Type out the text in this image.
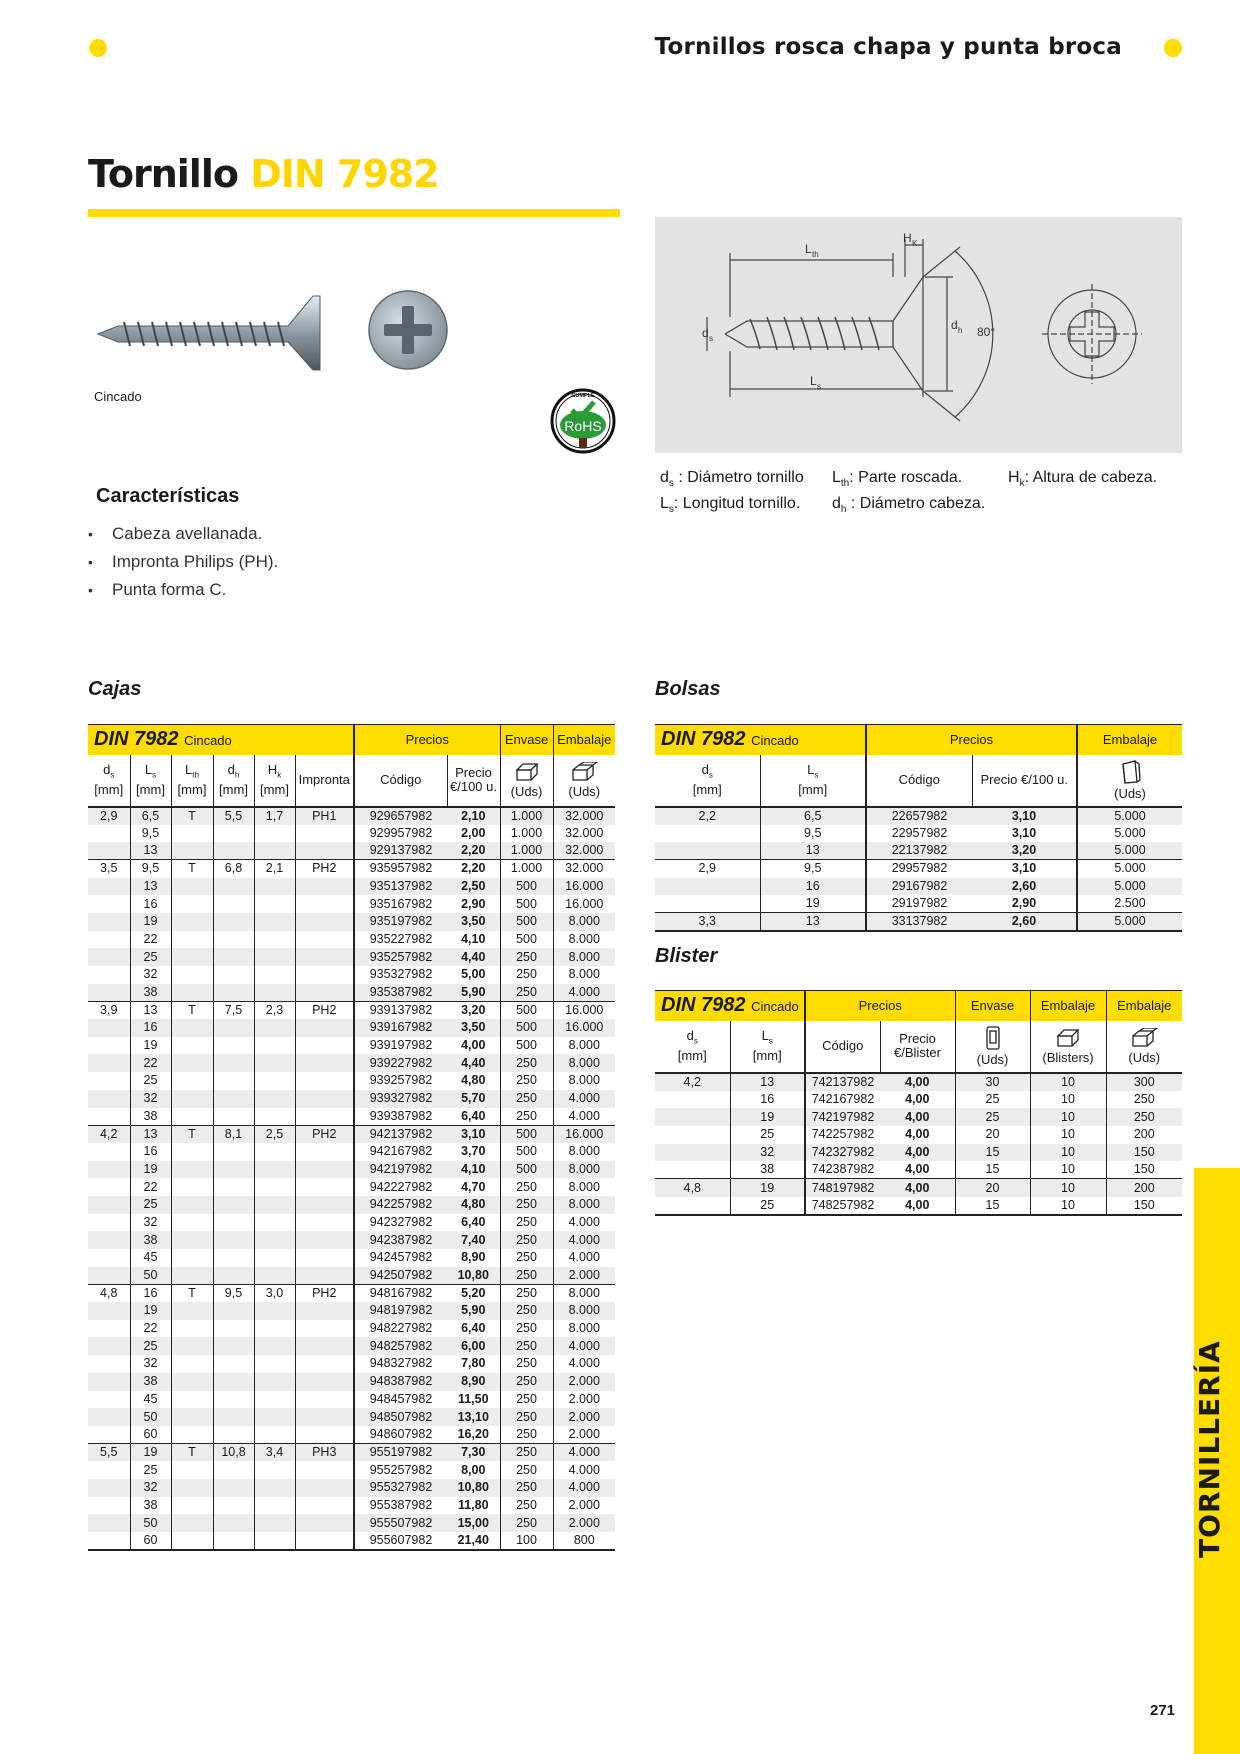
Tornillos rosca chapa y punta broca
Tornillo DIN 7982
Cincado
RoHS
CUMPLE
L th
L s
H K
d h
d s	80°
$d_s$ : Diámetro tornillo
$L_s$: Longitud tornillo.
$L_{th}$: Parte roscada.
$d_h$ : Diámetro cabeza.
$H_k$: Altura de cabeza.
Características
• Cabeza avellanada.
• Impronta Philips (PH).
• Punta forma C.
Cajas	Bolsas
Blister
DIN 7982 Cincado						Precios		Envase	Embalaje
$d_s$
[mm]	$L_s$
[mm]	$L_{th}$
[mm]	$d_h$
[mm]	$H_k$
[mm]	Impronta	Código	Precio €/100 u.	(Uds)	(Uds)
2,9	6,5	T	5,5	1,7	PH1	929657982	2,10	1.000	32.000
	9,5					929957982	2,00	1.000	32.000
	13					929137982	2,20	1.000	32.000
3,5	9,5	T	6,8	2,1	PH2	935957982	2,20	1.000	32.000
	13					935137982	2,50	500	16.000
	16					935167982	2,90	500	16.000
	19					935197982	3,50	500	8.000
	22					935227982	4,10	500	8.000
	25					935257982	4,40	250	8.000
	32					935327982	5,00	250	8.000
	38					935387982	5,90	250	4.000
3,9	13	T	7,5	2,3	PH2	939137982	3,20	500	16.000
	16					939167982	3,50	500	16.000
	19					939197982	4,00	500	8.000
	22					939227982	4,40	250	8.000
	25					939257982	4,80	250	8.000
	32					939327982	5,70	250	4.000
	38					939387982	6,40	250	4.000
4,2	13	T	8,1	2,5	PH2	942137982	3,10	500	16.000
	16					942167982	3,70	500	8.000
	19					942197982	4,10	500	8.000
	22					942227982	4,70	250	8.000
	25					942257982	4,80	250	8.000
	32					942327982	6,40	250	4.000
	38					942387982	7,40	250	4.000
	45					942457982	8,90	250	4.000
	50					942507982	10,80	250	2.000
4,8	16	T	9,5	3,0	PH2	948167982	5,20	250	8.000
	19					948197982	5,90	250	8.000
	22					948227982	6,40	250	8.000
	25					948257982	6,00	250	4.000
	32					948327982	7,80	250	4.000
	38					948387982	8,90	250	2.000
	45					948457982	11,50	250	2.000
	50					948507982	13,10	250	2.000
	60					948607982	16,20	250	2.000
5,5	19	T	10,8	3,4	PH3	955197982	7,30	250	4.000
	25					955257982	8,00	250	4.000
	32					955327982	10,80	250	4.000
	38					955387982	11,80	250	2.000
	50					955507982	15,00	250	2.000
	60					955607982	21,40	100	800
DIN 7982 Cincado		Precios		Embalaje
$d_s$
[mm]	$L_s$
[mm]	Código	Precio €/100 u.	(Uds)
2,2	6,5	22657982	3,10	5.000
	9,5	22957982	3,10	5.000
	13	22137982	3,20	5.000
2,9	9,5	29957982	3,10	5.000
	16	29167982	2,60	5.000
	19	29197982	2,90	2.500
3,3	13	33137982	2,60	5.000
DIN 7982 Cincado		Precios		Envase	Embalaje	Embalaje
$d_s$
[mm]	$L_s$
[mm]	Código	Precio €/Blister	(Uds)	(Blisters)	(Uds)
4,2	13	742137982	4,00	30	10	300
	16	742167982	4,00	25	10	250
	19	742197982	4,00	25	10	250
	25	742257982	4,00	20	10	200
	32	742327982	4,00	15	10	150
	38	742387982	4,00	15	10	150
4,8	19	748197982	4,00	20	10	200
	25	748257982	4,00	15	10	150
TORNILLERÍA
271
